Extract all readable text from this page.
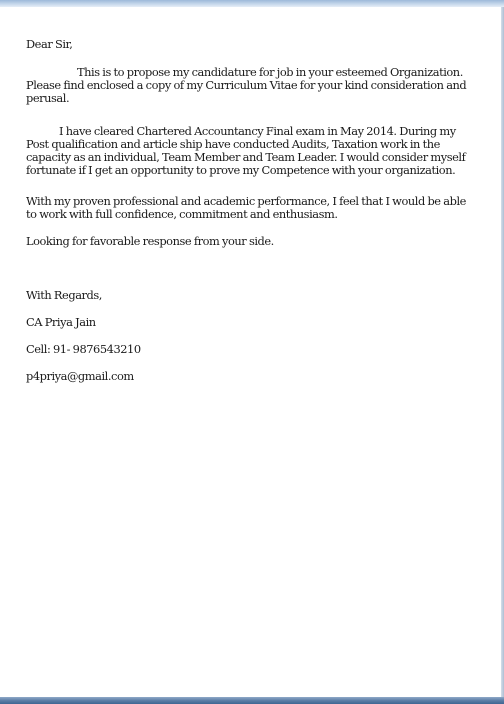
Dear Sir,

This is to propose my candidature for job in your esteemed Organization. Please find enclosed a copy of my Curriculum Vitae for your kind consideration and perusal.

I have cleared Chartered Accountancy Final exam in May 2014. During my Post qualification and article ship have conducted Audits, Taxation work in the capacity as an individual, Team Member and Team Leader. I would consider myself fortunate if I get an opportunity to prove my Competence with your organization.

With my proven professional and academic performance, I feel that I would be able to work with full confidence, commitment and enthusiasm.

Looking for favorable response from your side.

With Regards,

CA Priya Jain

Cell: 91- 9876543210

p4priya@gmail.com
